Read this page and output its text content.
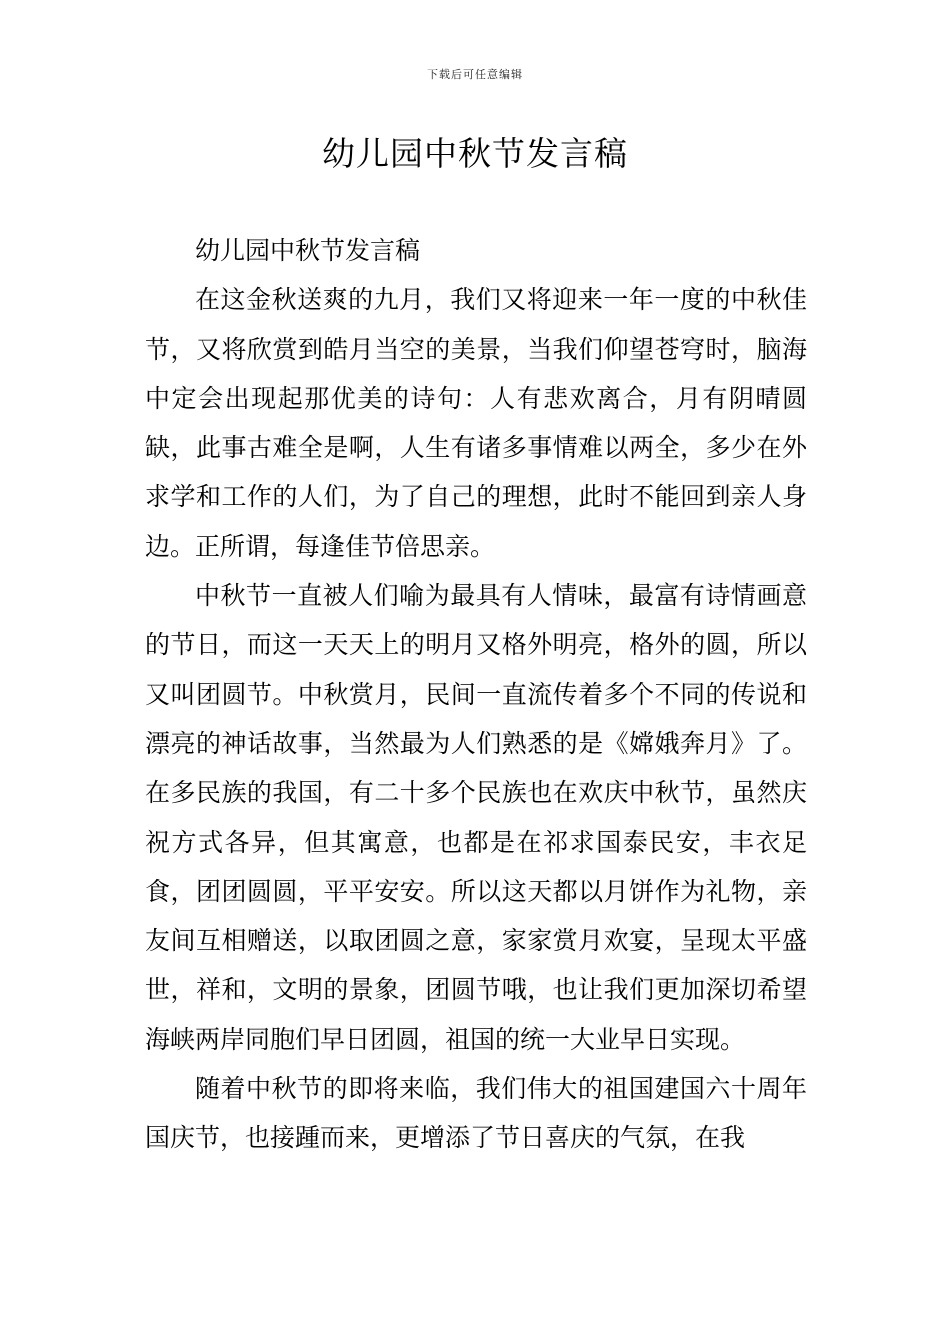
下载后可任意编辑
幼儿园中秋节发言稿

幼儿园中秋节发言稿

在这金秋送爽的九月，我们又将迎来一年一度的中秋佳节，又将欣赏到皓月当空的美景，当我们仰望苍穹时，脑海中定会出现起那优美的诗句：人有悲欢离合，月有阴晴圆缺，此事古难全是啊，人生有诸多事情难以两全，多少在外求学和工作的人们，为了自己的理想，此时不能回到亲人身边。正所谓，每逢佳节倍思亲。

中秋节一直被人们喻为最具有人情味，最富有诗情画意的节日，而这一天天上的明月又格外明亮，格外的圆，所以又叫团圆节。中秋赏月，民间一直流传着多个不同的传说和漂亮的神话故事，当然最为人们熟悉的是《嫦娥奔月》了。在多民族的我国，有二十多个民族也在欢庆中秋节，虽然庆祝方式各异，但其寓意，也都是在祁求国泰民安，丰衣足食，团团圆圆，平平安安。所以这天都以月饼作为礼物，亲友间互相赠送，以取团圆之意，家家赏月欢宴，呈现太平盛世，祥和，文明的景象，团圆节哦，也让我们更加深切希望海峡两岸同胞们早日团圆，祖国的统一大业早日实现。

随着中秋节的即将来临，我们伟大的祖国建国六十周年国庆节，也接踵而来，更增添了节日喜庆的气氛，在我
